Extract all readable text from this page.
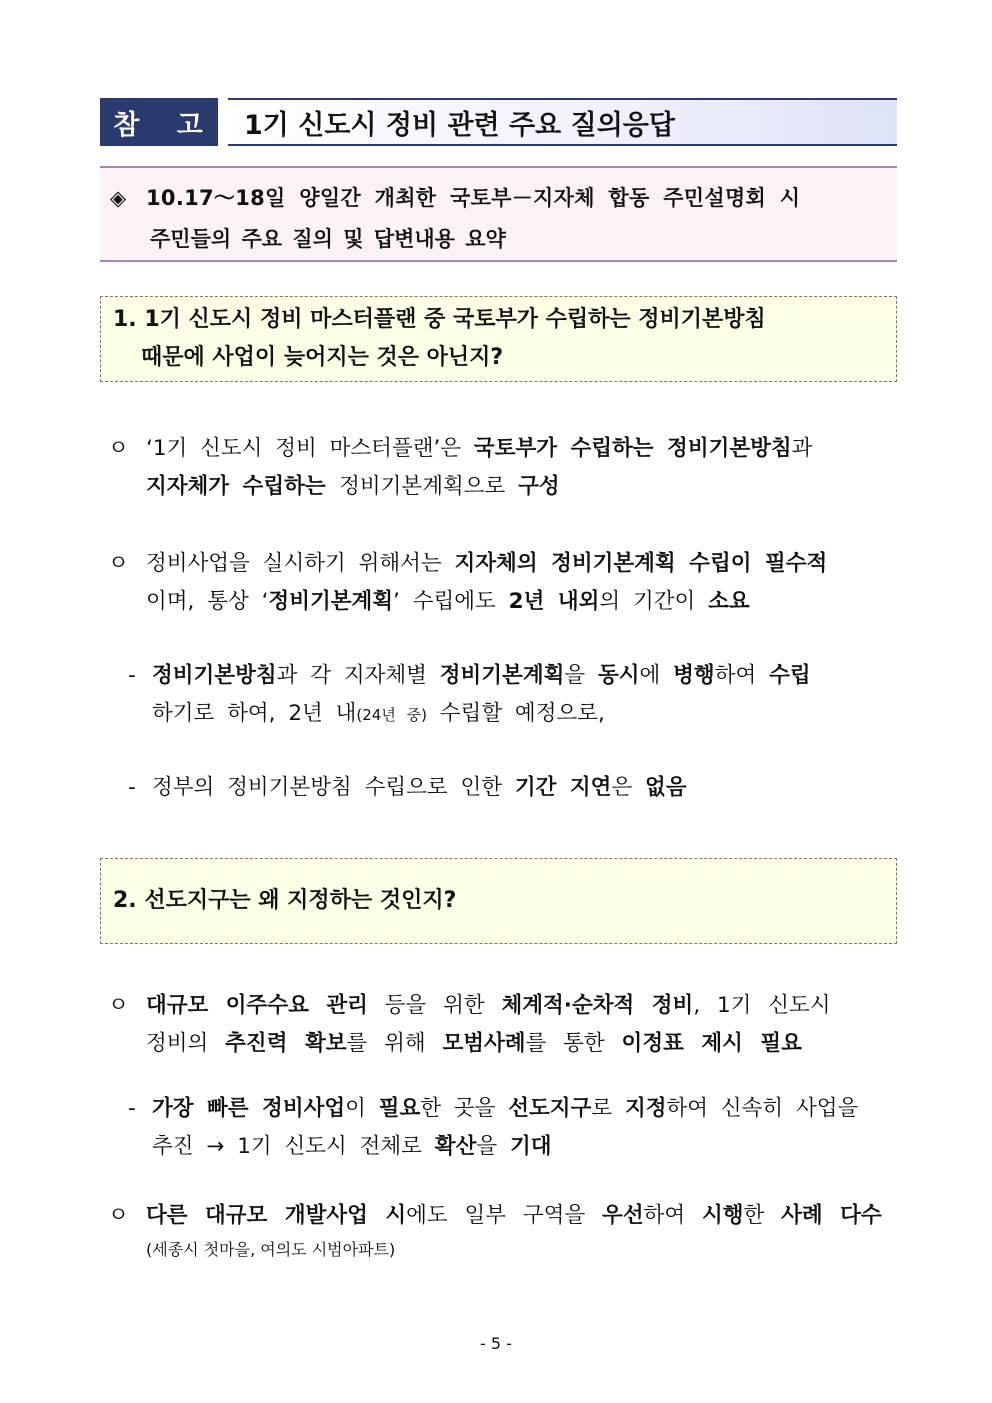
참 고 1기 신도시 정비 관련 주요 질의응답
◈ 10.17～18일 양일간 개최한 국토부－지자체 합동 주민설명회 시
주민들의 주요 질의 및 답변내용 요약
1. 1기 신도시 정비 마스터플랜 중 국토부가 수립하는 정비기본방침
때문에 사업이 늦어지는 것은 아닌지?
ㅇ ‘1기 신도시 정비 마스터플랜’은 국토부가 수립하는 정비기본방침과
지자체가 수립하는 정비기본계획으로 구성
ㅇ 정비사업을 실시하기 위해서는 지자체의 정비기본계획 수립이 필수적
이며, 통상 ‘정비기본계획’ 수립에도 2년 내외의 기간이 소요
- 정비기본방침과 각 지자체별 정비기본계획을 동시에 병행하여 수립
하기로 하여, 2년 내(24년 중) 수립할 예정으로,
- 정부의 정비기본방침 수립으로 인한 기간 지연은 없음
2. 선도지구는 왜 지정하는 것인지?
ㅇ 대규모 이주수요 관리 등을 위한 체계적·순차적 정비, 1기 신도시
정비의 추진력 확보를 위해 모범사례를 통한 이정표 제시 필요
- 가장 빠른 정비사업이 필요한 곳을 선도지구로 지정하여 신속히 사업을
추진 → 1기 신도시 전체로 확산을 기대
ㅇ 다른 대규모 개발사업 시에도 일부 구역을 우선하여 시행한 사례 다수
(세종시 첫마을, 여의도 시범아파트)
- 5 -
